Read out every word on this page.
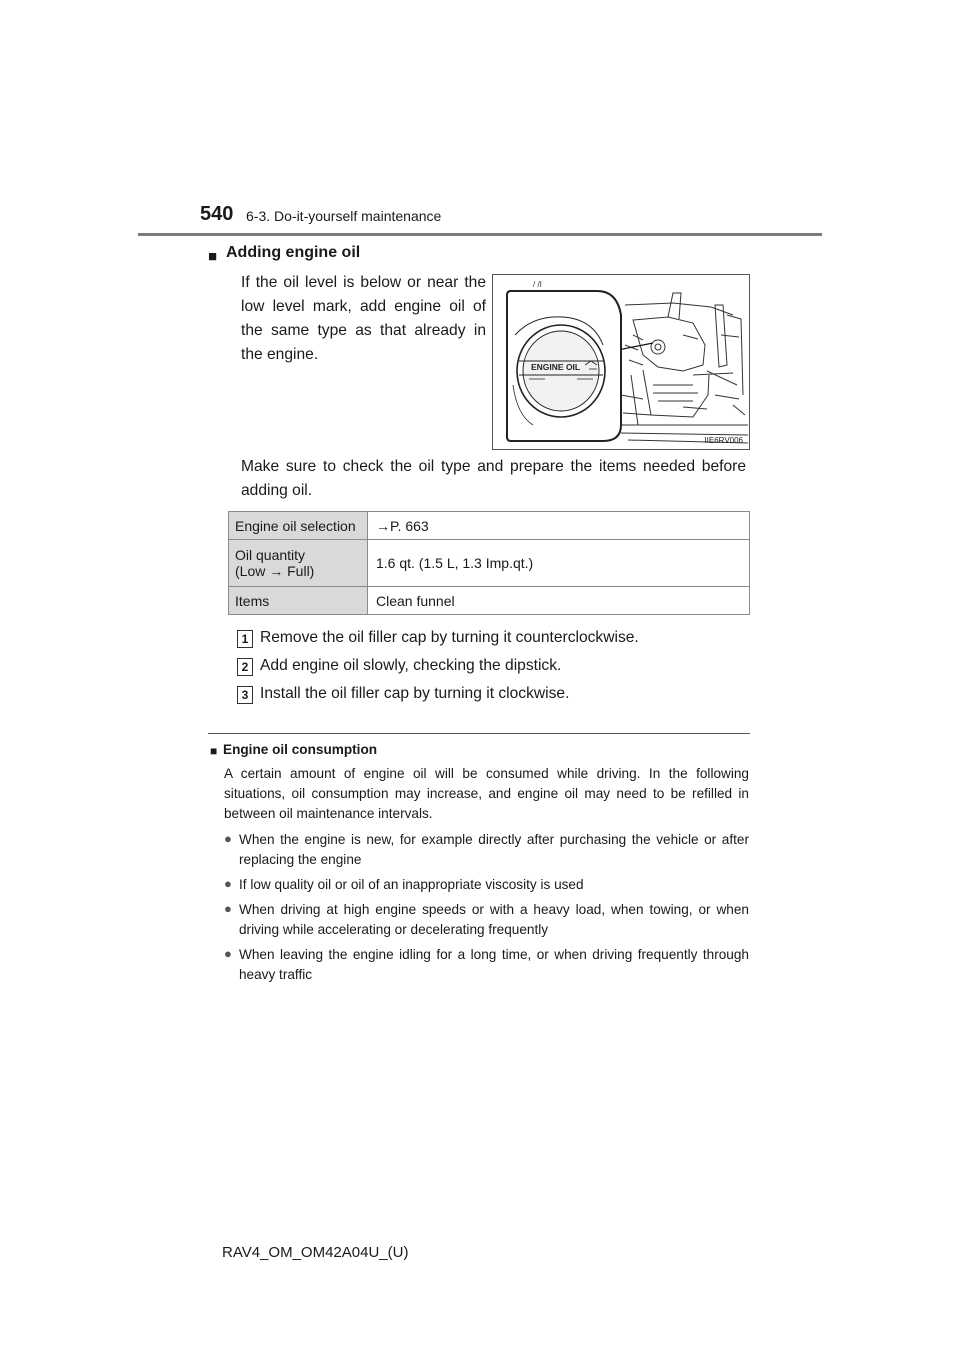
540 6-3. Do-it-yourself maintenance
■ Adding engine oil
If the oil level is below or near the low level mark, add engine oil of the same type as that already in the engine.
/ /I
ENGINE OIL
IIE6RV006
Make sure to check the oil type and prepare the items needed before adding oil.
Engine oil selection	→P. 663

Oil quantity
(Low → Full)	1.6 qt. (1.5 L, 1.3 Imp.qt.)
Items	Clean funnel
1 Remove the oil filler cap by turning it counterclockwise.
2 Add engine oil slowly, checking the dipstick.
3 Install the oil filler cap by turning it clockwise.
■ Engine oil consumption
A certain amount of engine oil will be consumed while driving. In the following situations, oil consumption may increase, and engine oil may need to be refilled in between oil maintenance intervals.
● When the engine is new, for example directly after purchasing the vehicle or after replacing the engine
● If low quality oil or oil of an inappropriate viscosity is used
● When driving at high engine speeds or with a heavy load, when towing, or when driving while accelerating or decelerating frequently
● When leaving the engine idling for a long time, or when driving frequently through heavy traffic
RAV4_OM_OM42A04U_(U)
